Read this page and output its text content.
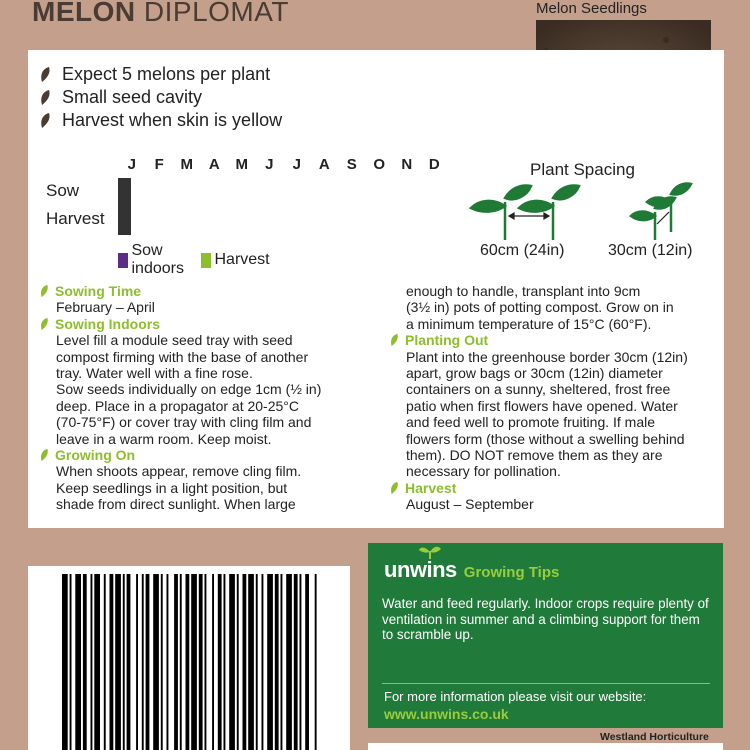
MELON DIPLOMAT	Melon Seedlings
Expect 5 melons per plant
Small seed cavity
Harvest when skin is yellow
J	F	M	A	M	J	J	A	S	O	N	D
Sow
Harvest

Sow indoors
Harvest
Plant Spacing
60cm (24in)	30cm (12in)
Sowing Time
February – April
Sowing Indoors
Level fill a module seed tray with seed
compost firming with the base of another
tray. Water well with a fine rose.
Sow seeds individually on edge 1cm (½ in)
deep. Place in a propagator at 20-25°C
(70-75°F) or cover tray with cling film and
leave in a warm room. Keep moist.
Growing On
When shoots appear, remove cling film.
Keep seedlings in a light position, but
shade from direct sunlight. When large
enough to handle, transplant into 9cm
(3½ in) pots of potting compost. Grow on in
a minimum temperature of 15°C (60°F).
Planting Out
Plant into the greenhouse border 30cm (12in)
apart, grow bags or 30cm (12in) diameter
containers on a sunny, sheltered, frost free
patio when first flowers have opened. Water
and feed well to promote fruiting. If male
flowers form (those without a swelling behind
them). DO NOT remove them as they are
necessary for pollination.
Harvest
August – September
unwins Growing Tips
Water and feed regularly. Indoor crops require plenty of ventilation in summer and a climbing support for them to scramble up.
For more information please visit our website:
www.unwins.co.uk
Westland Horticulture
